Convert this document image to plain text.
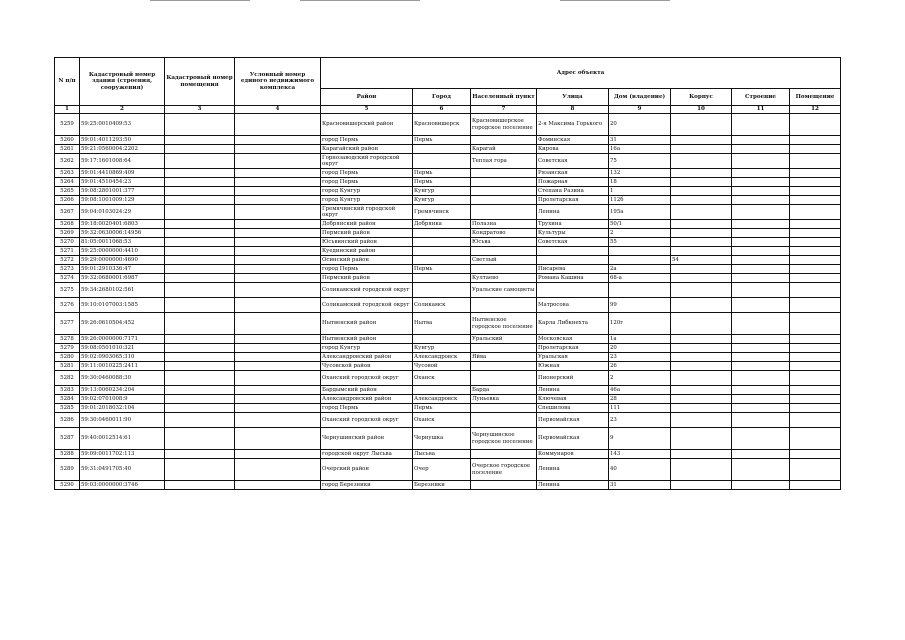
N п/п	Кадастровый номер здания (строения, сооружения)	Кадастровый номер помещения	Условный номер единого недвижимого комплекса	Адрес объекта							
				Район	Город	Населенный пункт	Улица	Дом (владение)	Корпус	Строение	Помещение
1	2	3	4	5	6	7	8	9	10	11	12
5259	59:25:0010409:53			Красновишерский район	Красновишерск	Красновишерское городское поселение	2-я Максима Горького	20			
5260	59:01:4011293:50			город Пермь	Пермь		Фоминская	31			
5261	59:21:0560004:2202			Карагайский район		Карагай	Кирова	16а			
5262	59:17:1601008:64			Горнозаводский городской округ		Теплая гора	Советская	75			
5263	59:01:4410869:409			город Пермь	Пермь		Рязанская	132			
5264	59:01:4510454:23			город Пермь	Пермь		Пожарная	18			
5265	59:08:2801001:377			город Кунгур	Кунгур		Степана Разина	1			
5266	59:08:1001009:129			город Кунгур	Кунгур		Пролетарская	112б			
5267	59:04:0103024:29			Гремячинский городской округ	Гремячинск		Ленина	195а			
5268	59:18:0020401:6803			Добрянский район	Добрянка	Полазна	Трухина	50/1			
5269	59:32:0630006:14956			Пермский район		Кондратово	Культуры	2			
5270	81:05:0011068:53			Юсьвинский район		Юсьва	Советская	55			
5271	59:25:0000000:4410			Куединский район							
5272	59:29:0000000:4690			Осинский район		Светлый			54		
5273	59:01:2910336:47			город Пермь	Пермь		Писарева	2а			
5274	59:32:0680001:6987			Пермский район		Култаево	Романа Кашина	68-а			
5275	59:34:2680102:561			Соликамский городской округ		Уральские самоцветы					
5276	59:10:0107003:1585			Соликамский городской округ	Соликамск		Матросова	99			
5277	59:26:0610504:452			Нытвенский район	Нытва	Нытвенское городское поселение	Карла Либкнехта	120г			
5278	59:26:0000000:7171			Нытвенский район		Уральский	Московская	1а			
5279	59:08:0501010:321			город Кунгур	Кунгур		Пролетарская	20			
5280	59:02:0903065:310			Александровский район	Александровск	Яйва	Уральская	23			
5281	59:11:0010225:2411			Чусовской район	Чусовой		Южная	26			
5282	59:30:0460088:30			Оханский городской округ	Оханск		Пионерский	2			
5283	59:13:0060234:204			Бардымский район		Барда	Ленина	46а			
5284	59:02:0701008:9			Александровский район	Александровск	Луньевка	Ключевая	28			
5285	59:01:2018032:104			город Пермь	Пермь		Спешилова	111			
5286	59:30:0460011:90			Оханский городской округ	Оханск		Первомайская	23			
5287	59:40:0012514:61			Чернушинский район	Чернушка	Чернушинское городское поселение	Первомайская	9			
5288	59:09:0011702:113			городской округ Лысьва	Лысьва		Коммунаров	143			
5289	59:31:0491705:40			Очерский район	Очер	Очерское городское поселение	Ленина	40			
5290	59:03:0000000:3746			город Березники	Березники		Ленина	31			
